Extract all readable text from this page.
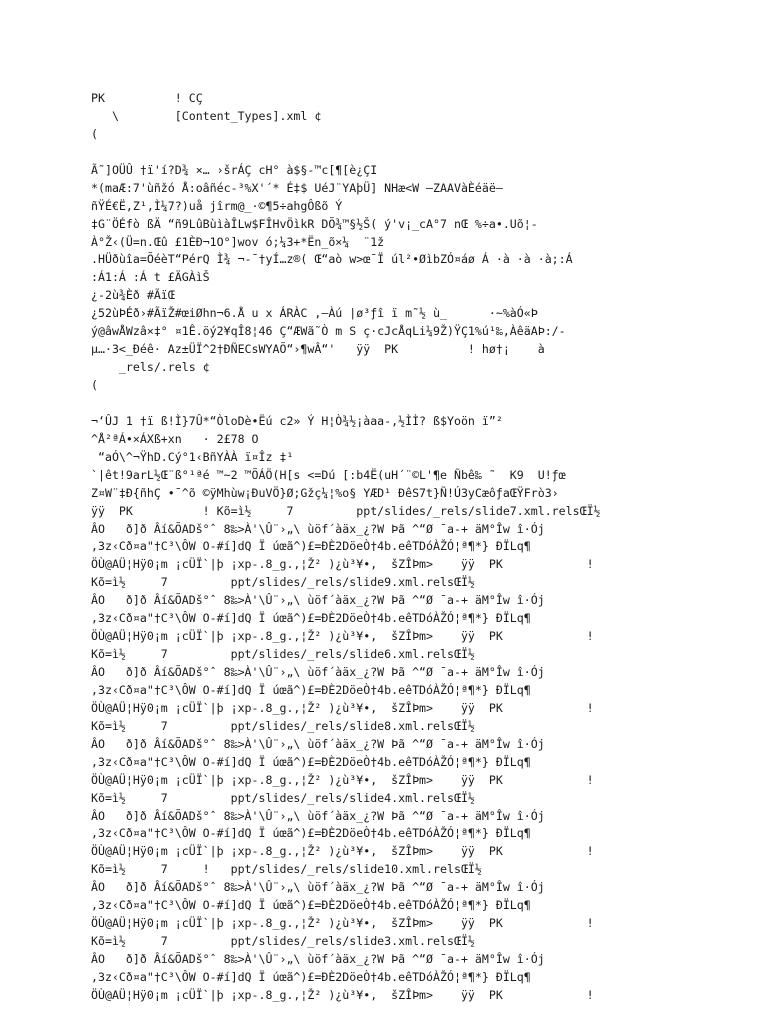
PK          ! CÇ
\        [Content_Types].xml ¢
(
Ã˜]OÜÛ †ï'í?D¾ ×… ›šrÁÇ cH° à$§-™c[¶[è¿ÇI
*(maÆ:7'ùñžó Å:oâñéc-³%X'´* É‡$ UéJ¨YAþÜ] NHæ<W —ZAAVàÈéäë–
ñŸÉ€Ë,Z¹,Ì¼7?)uå jîrm@_·©¶5÷ahgÔßõ Ý
‡G¨ÖÉfò ßÄ “ñ9LûBùìàÎLw$FÎHvÖìkR DÕ¾™§½Š( ý'v¡_cA°7 nŒ %÷a•.Uõ¦-
À°Ž‹(Ü=n.Œû £1ÈÐ¬1O°]wov ó;¼3+*Ën_õ×¼  ¨1ž
.HÜðùîa=ÕéèT“PérQ Ì¾ ¬-¯†yÍ…z®( Œ“aò w>œ¯Ï úl²•ØìbZÓ¤áø Á ·à ·à ·à;:Á
:Á1:Á :Á t £ÄGÀìŠ
¿-2ù¾Èð #ÃïŒ
¿52ùÞÉð›#ÃïŽ#œiØhn¬6.Å u x ÁRÀC ,—Àú |ø³ƒî ï m˜½ ù_      ·~%àÓ«Þ
ý@âwÅWzâ×‡° ¤1Ê.öý2¥qÎ8¦46 Ç“ÆWã˜Ò m S ç·cJcÅqLi¼9Ž)ŸÇ1%ú¹‰,ÀêäAÞ:/-
µ…·3<_Ðéê· Az±ÜÏ^2†ÐÑECsWYAÕ“›¶wÂ“'   ÿÿ  PK          ! hø†¡    à
_rels/.rels ¢
(
¬‘ÛJ 1 †ï ß!Ì}7Û*“ÒloDè•Ëú c2» Ý H¦Ò¾½¡àaa-,½ÌÌ? ß$Yoön ï”²
^Å²ªÁ•×ÁXß+xn   · 2£78 O
“aÓ\^¬ŸhD.Cý°1‹BñYÀÀ ï¤Îz ‡¹
`|êt!9arL½Œ¨ß°¹ªé ™~2 ™ÕÁÖ(H[s <=Dú [:b4Ë(uH´¨©L'¶e Ñbê‰ ˜  K9  U!ƒœ
Z¤W¨‡Ð{ñhÇ •¯^õ ©ÿMhùw¡ÐuVÖ}Ø;Gžç¼¦%o§ YÆD¹ ÐêS7t}Ñ!Ú3yCæôƒaŒŸFrò3›
ÿÿ  PK          ! Kõ=ì½     7         ppt/slides/_rels/slide7.xml.relsŒÏ½
ÂO   ð]ð Âí&ÕADš°ˆ 8‰>À'\Û¨›„\ ùöf´àäx_¿?W Þã ^“Ø ¯a-+ äM°Îw î·Ój
,3z‹Cð¤a"†C³\ÔW O-#í]dQ Ï úœã^)£=ÐÈ2DöeÒ†4b.eêTDóÀŽÓ¦ª¶*} ÐÏLq¶
ÖÙ@AÜ¦Hÿ0¡m ¡cÜÏ`|þ ¡xp-.8_g.,¦Ž² )¿ù³¥•,  šZÎÞm>    ÿÿ  PK            !
Kõ=ì½     7         ppt/slides/_rels/slide9.xml.relsŒÏ½
ÂO   ð]ð Âí&ÕADš°ˆ 8‰>À'\Û¨›„\ ùöf´àäx_¿?W Þã ^“Ø ¯a-+ äM°Îw î·Ój
,3z‹Cð¤a"†C³\ÔW O-#í]dQ Ï úœã^)£=ÐÈ2DöeÒ†4b.eêTDóÀŽÓ¦ª¶*} ÐÏLq¶
ÖÙ@AÜ¦Hÿ0¡m ¡cÜÏ`|þ ¡xp-.8_g.,¦Ž² )¿ù³¥•,  šZÎÞm>    ÿÿ  PK            !
Kõ=ì½     7         ppt/slides/_rels/slide6.xml.relsŒÏ½
ÂO   ð]ð Âí&ÕADš°ˆ 8‰>À'\Û¨›„\ ùöf´àäx_¿?W Þã ^“Ø ¯a-+ äM°Îw î·Ój
,3z‹Cð¤a"†C³\ÔW O-#í]dQ Ï úœã^)£=ÐÈ2DöeÒ†4b.eêTDóÀŽÓ¦ª¶*} ÐÏLq¶
ÖÙ@AÜ¦Hÿ0¡m ¡cÜÏ`|þ ¡xp-.8_g.,¦Ž² )¿ù³¥•,  šZÎÞm>    ÿÿ  PK            !
Kõ=ì½     7         ppt/slides/_rels/slide8.xml.relsŒÏ½
ÂO   ð]ð Âí&ÕADš°ˆ 8‰>À'\Û¨›„\ ùöf´àäx_¿?W Þã ^“Ø ¯a-+ äM°Îw î·Ój
,3z‹Cð¤a"†C³\ÔW O-#í]dQ Ï úœã^)£=ÐÈ2DöeÒ†4b.eêTDóÀŽÓ¦ª¶*} ÐÏLq¶
ÖÙ@AÜ¦Hÿ0¡m ¡cÜÏ`|þ ¡xp-.8_g.,¦Ž² )¿ù³¥•,  šZÎÞm>    ÿÿ  PK            !
Kõ=ì½     7         ppt/slides/_rels/slide4.xml.relsŒÏ½
ÂO   ð]ð Âí&ÕADš°ˆ 8‰>À'\Û¨›„\ ùöf´àäx_¿?W Þã ^“Ø ¯a-+ äM°Îw î·Ój
,3z‹Cð¤a"†C³\ÔW O-#í]dQ Ï úœã^)£=ÐÈ2DöeÒ†4b.eêTDóÀŽÓ¦ª¶*} ÐÏLq¶
ÖÙ@AÜ¦Hÿ0¡m ¡cÜÏ`|þ ¡xp-.8_g.,¦Ž² )¿ù³¥•,  šZÎÞm>    ÿÿ  PK            !
Kõ=ì½     7     !   ppt/slides/_rels/slide10.xml.relsŒÏ½
ÂO   ð]ð Âí&ÕADš°ˆ 8‰>À'\Û¨›„\ ùöf´àäx_¿?W Þã ^“Ø ¯a-+ äM°Îw î·Ój
,3z‹Cð¤a"†C³\ÔW O-#í]dQ Ï úœã^)£=ÐÈ2DöeÒ†4b.eêTDóÀŽÓ¦ª¶*} ÐÏLq¶
ÖÙ@AÜ¦Hÿ0¡m ¡cÜÏ`|þ ¡xp-.8_g.,¦Ž² )¿ù³¥•,  šZÎÞm>    ÿÿ  PK            !
Kõ=ì½     7         ppt/slides/_rels/slide3.xml.relsŒÏ½
ÂO   ð]ð Âí&ÕADš°ˆ 8‰>À'\Û¨›„\ ùöf´àäx_¿?W Þã ^“Ø ¯a-+ äM°Îw î·Ój
,3z‹Cð¤a"†C³\ÔW O-#í]dQ Ï úœã^)£=ÐÈ2DöeÒ†4b.eêTDóÀŽÓ¦ª¶*} ÐÏLq¶
ÖÙ@AÜ¦Hÿ0¡m ¡cÜÏ`|þ ¡xp-.8_g.,¦Ž² )¿ù³¥•,  šZÎÞm>    ÿÿ  PK            !
